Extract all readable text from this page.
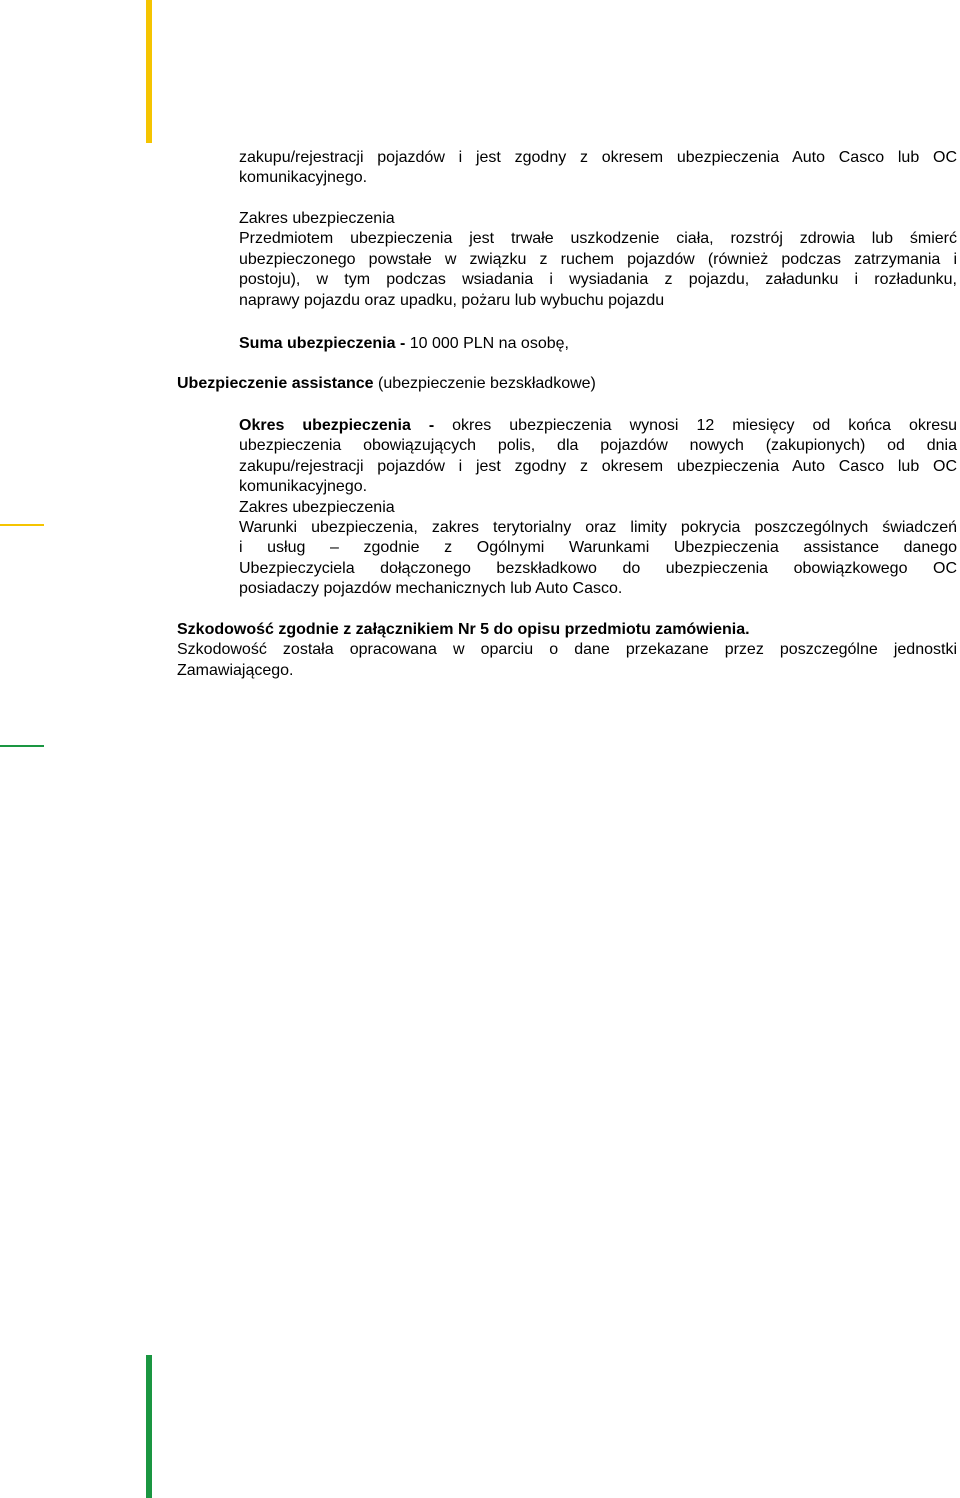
zakupu/rejestracji pojazdów i jest zgodny z okresem ubezpieczenia Auto Casco lub OC

komunikacyjnego.

Zakres ubezpieczenia

Przedmiotem ubezpieczenia jest trwałe uszkodzenie ciała, rozstrój zdrowia lub śmierć

ubezpieczonego powstałe w związku z ruchem pojazdów (również podczas zatrzymania i

postoju), w tym podczas wsiadania i wysiadania z pojazdu, załadunku i rozładunku,

naprawy pojazdu oraz upadku, pożaru lub wybuchu pojazdu

Suma ubezpieczenia - 10 000 PLN na osobę,

Ubezpieczenie assistance (ubezpieczenie bezskładkowe)

Okres ubezpieczenia - okres ubezpieczenia wynosi 12 miesięcy od końca okresu

ubezpieczenia obowiązujących polis, dla pojazdów nowych (zakupionych) od dnia

zakupu/rejestracji pojazdów i jest zgodny z okresem ubezpieczenia Auto Casco lub OC

komunikacyjnego.

Zakres ubezpieczenia

Warunki ubezpieczenia, zakres terytorialny oraz limity pokrycia poszczególnych świadczeń

i usług – zgodnie z Ogólnymi Warunkami Ubezpieczenia assistance danego

Ubezpieczyciela dołączonego bezskładkowo do ubezpieczenia obowiązkowego OC

posiadaczy pojazdów mechanicznych lub Auto Casco.

Szkodowość zgodnie z załącznikiem Nr 5 do opisu przedmiotu zamówienia.

Szkodowość została opracowana w oparciu o dane przekazane przez poszczególne jednostki

Zamawiającego.
